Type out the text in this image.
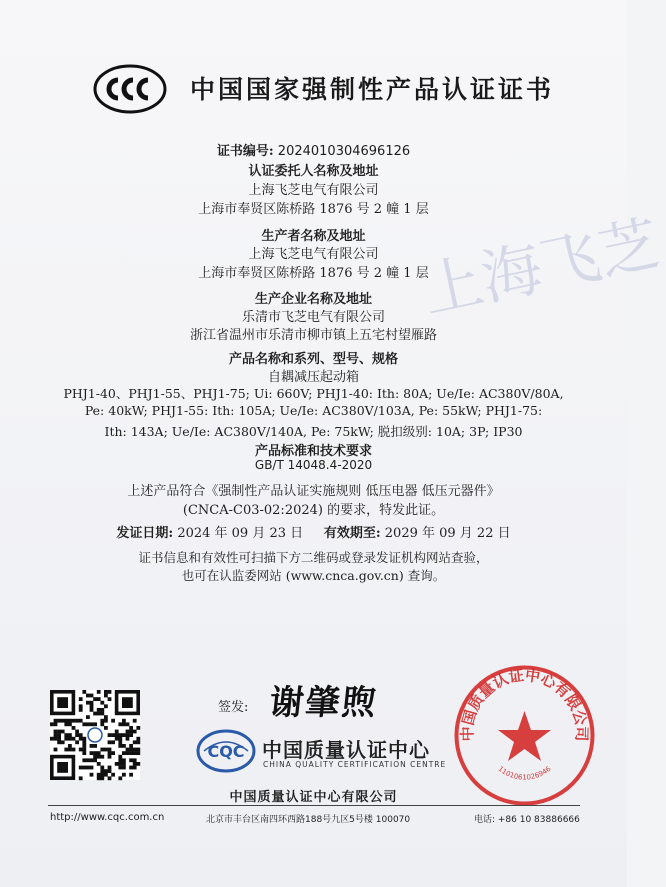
中国国家强制性产品认证证书
上海飞芝
证书编号: 2024010304696126
认证委托人名称及地址
上海飞芝电气有限公司
上海市奉贤区陈桥路 1876 号 2 幢 1 层
生产者名称及地址
上海飞芝电气有限公司
上海市奉贤区陈桥路 1876 号 2 幢 1 层
生产企业名称及地址
乐清市飞芝电气有限公司
浙江省温州市乐清市柳市镇上五宅村望雁路
产品名称和系列、型号、规格
自耦减压起动箱
PHJ1-40、PHJ1-55、PHJ1-75; Ui: 660V; PHJ1-40: Ith: 80A; Ue/Ie: AC380V/80A,
Pe: 40kW; PHJ1-55: Ith: 105A; Ue/Ie: AC380V/103A, Pe: 55kW; PHJ1-75:
Ith: 143A; Ue/Ie: AC380V/140A, Pe: 75kW; 脱扣级别: 10A; 3P; IP30
产品标准和技术要求
GB/T 14048.4-2020
上述产品符合《强制性产品认证实施规则 低压电器 低压元器件》
(CNCA-C03-02:2024) 的要求，特发此证。
发证日期: 2024 年 09 月 23 日 有效期至: 2029 年 09 月 22 日
证书信息和有效性可扫描下方二维码或登录发证机构网站查验，
也可在认监委网站 (www.cnca.gov.cn) 查询。
签发: 谢肇煦
CQC 中国质量认证中心
CHINA QUALITY CERTIFICATION CENTRE
中国质量认证中心有限公司
1101061026946
中国质量认证中心有限公司
http://www.cqc.com.cn	北京市丰台区南四环西路188号九区5号楼 100070	电话: +86 10 83886666
